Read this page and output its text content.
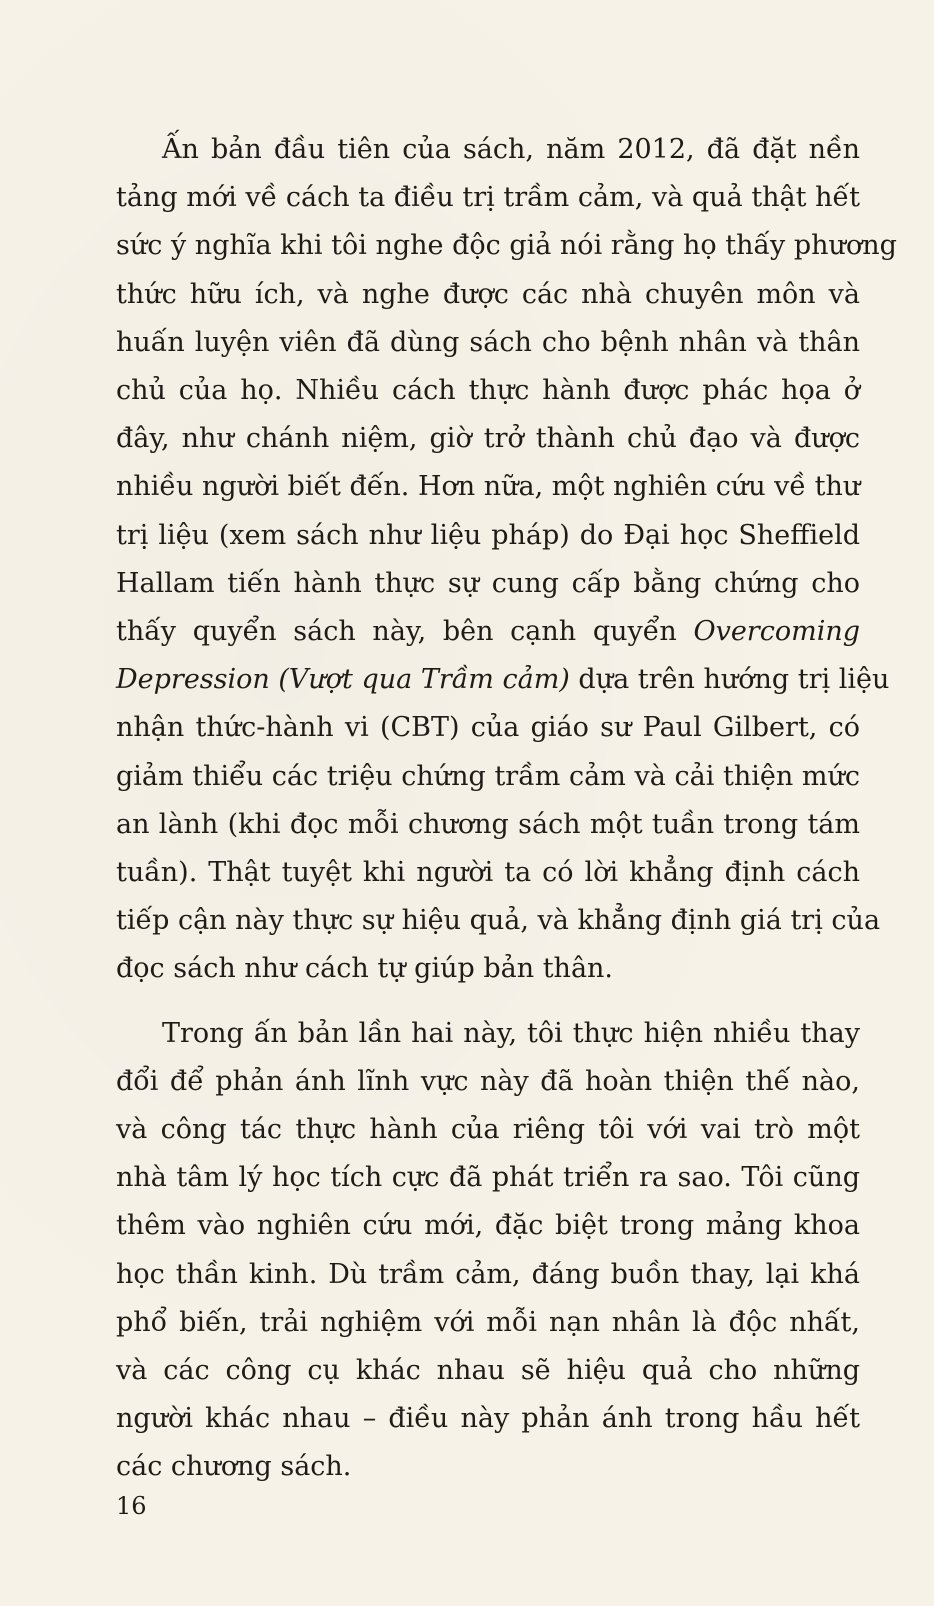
Ấn bản đầu tiên của sách, năm 2012, đã đặt nền
tảng mới về cách ta điều trị trầm cảm, và quả thật hết
sức ý nghĩa khi tôi nghe độc giả nói rằng họ thấy phương
thức hữu ích, và nghe được các nhà chuyên môn và
huấn luyện viên đã dùng sách cho bệnh nhân và thân
chủ của họ. Nhiều cách thực hành được phác họa ở
đây, như chánh niệm, giờ trở thành chủ đạo và được
nhiều người biết đến. Hơn nữa, một nghiên cứu về thư
trị liệu (xem sách như liệu pháp) do Đại học Sheffield
Hallam tiến hành thực sự cung cấp bằng chứng cho
thấy quyển sách này, bên cạnh quyển Overcoming
Depression (Vượt qua Trầm cảm) dựa trên hướng trị liệu
nhận thức-hành vi (CBT) của giáo sư Paul Gilbert, có
giảm thiểu các triệu chứng trầm cảm và cải thiện mức
an lành (khi đọc mỗi chương sách một tuần trong tám
tuần). Thật tuyệt khi người ta có lời khẳng định cách
tiếp cận này thực sự hiệu quả, và khẳng định giá trị của
đọc sách như cách tự giúp bản thân.
Trong ấn bản lần hai này, tôi thực hiện nhiều thay
đổi để phản ánh lĩnh vực này đã hoàn thiện thế nào,
và công tác thực hành của riêng tôi với vai trò một
nhà tâm lý học tích cực đã phát triển ra sao. Tôi cũng
thêm vào nghiên cứu mới, đặc biệt trong mảng khoa
học thần kinh. Dù trầm cảm, đáng buồn thay, lại khá
phổ biến, trải nghiệm với mỗi nạn nhân là độc nhất,
và các công cụ khác nhau sẽ hiệu quả cho những
người khác nhau – điều này phản ánh trong hầu hết
các chương sách.
16
